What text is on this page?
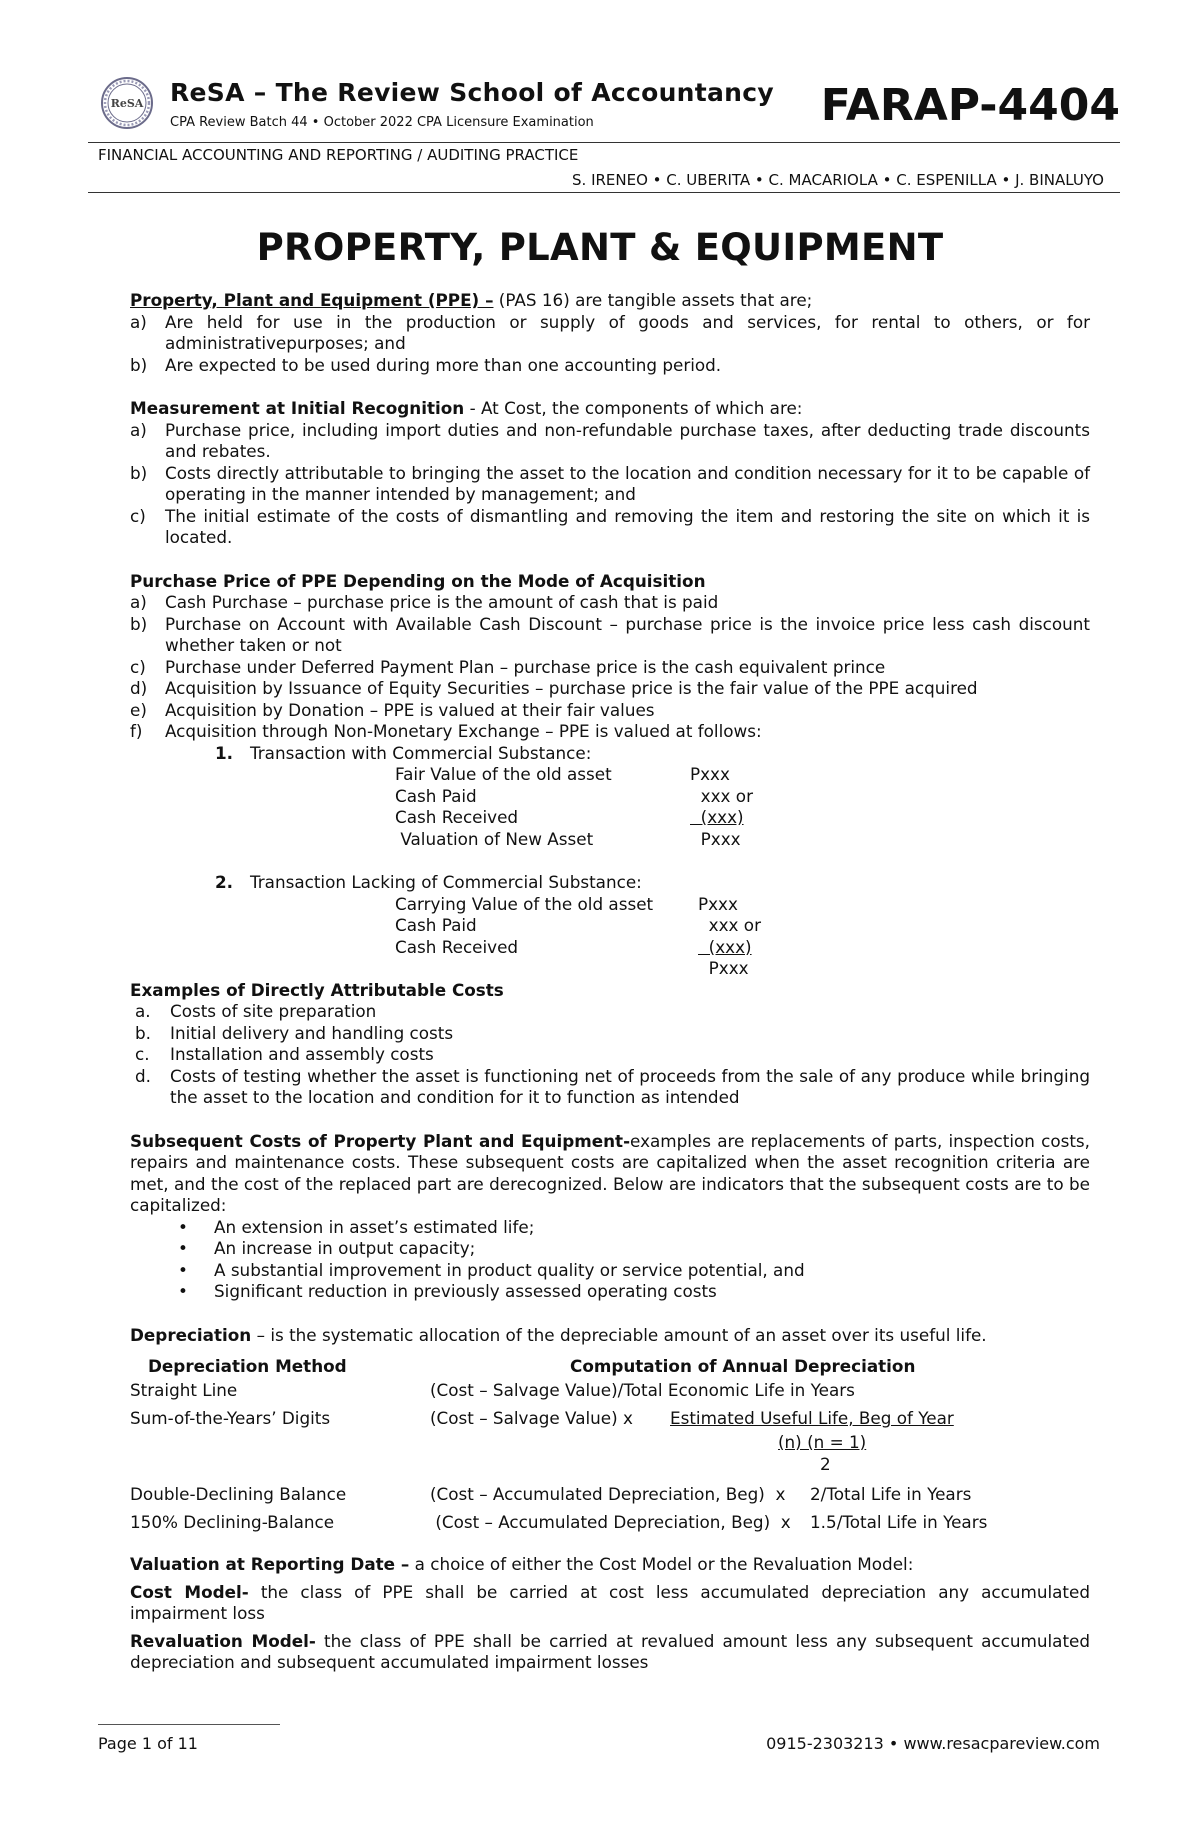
ReSA ReSA – The Review School of Accountancy
CPA Review Batch 44 • October 2022 CPA Licensure Examination	FARAP-4404
FINANCIAL ACCOUNTING AND REPORTING / AUDITING PRACTICE
S. IRENEO • C. UBERITA • C. MACARIOLA • C. ESPENILLA • J. BINALUYO
PROPERTY, PLANT & EQUIPMENT

Property, Plant and Equipment (PPE) – (PAS 16) are tangible assets that are;

a) Are held for use in the production or supply of goods and services, for rental to others, or for administrativepurposes; and
b) Are expected to be used during more than one accounting period.

Measurement at Initial Recognition - At Cost, the components of which are:

a) Purchase price, including import duties and non-refundable purchase taxes, after deducting trade discounts and rebates.
b) Costs directly attributable to bringing the asset to the location and condition necessary for it to be capable of operating in the manner intended by management; and
c) The initial estimate of the costs of dismantling and removing the item and restoring the site on which it is located.

Purchase Price of PPE Depending on the Mode of Acquisition

a) Cash Purchase – purchase price is the amount of cash that is paid
b) Purchase on Account with Available Cash Discount – purchase price is the invoice price less cash discount whether taken or not
c) Purchase under Deferred Payment Plan – purchase price is the cash equivalent prince
d) Acquisition by Issuance of Equity Securities – purchase price is the fair value of the PPE acquired
e) Acquisition by Donation – PPE is valued at their fair values
f) Acquisition through Non-Monetary Exchange – PPE is valued at follows:
1. Transaction with Commercial Substance:
Fair Value of the old asset	Pxxx
Cash Paid	xxx or
Cash Received	(xxx)
Valuation of New Asset	Pxxx
2. Transaction Lacking of Commercial Substance:
Carrying Value of the old asset	Pxxx
Cash Paid	xxx or
Cash Received	(xxx)
Pxxx

Examples of Directly Attributable Costs

a. Costs of site preparation
b. Initial delivery and handling costs
c. Installation and assembly costs
d. Costs of testing whether the asset is functioning net of proceeds from the sale of any produce while bringing the asset to the location and condition for it to function as intended

Subsequent Costs of Property Plant and Equipment-examples are replacements of parts, inspection costs, repairs and maintenance costs. These subsequent costs are capitalized when the asset recognition criteria are met, and the cost of the replaced part are derecognized. Below are indicators that the subsequent costs are to be capitalized:

• An extension in asset’s estimated life;
• An increase in output capacity;
• A substantial improvement in product quality or service potential, and
• Significant reduction in previously assessed operating costs

Depreciation – is the systematic allocation of the depreciable amount of an asset over its useful life.

Depreciation Method	Computation of Annual Depreciation
Straight Line	(Cost – Salvage Value)/Total Economic Life in Years
Sum-of-the-Years’ Digits	(Cost – Salvage Value) x Estimated Useful Life, Beg of Year
(n) (n = 1)
2
Double-Declining Balance	(Cost – Accumulated Depreciation, Beg)  x 2/Total Life in Years
150% Declining-Balance	(Cost – Accumulated Depreciation, Beg)  x 1.5/Total Life in Years

Valuation at Reporting Date – a choice of either the Cost Model or the Revaluation Model:

Cost Model- the class of PPE shall be carried at cost less accumulated depreciation any accumulated impairment loss

Revaluation Model- the class of PPE shall be carried at revalued amount less any subsequent accumulated depreciation and subsequent accumulated impairment losses

Page 1 of 11	0915-2303213 • www.resacpareview.com
